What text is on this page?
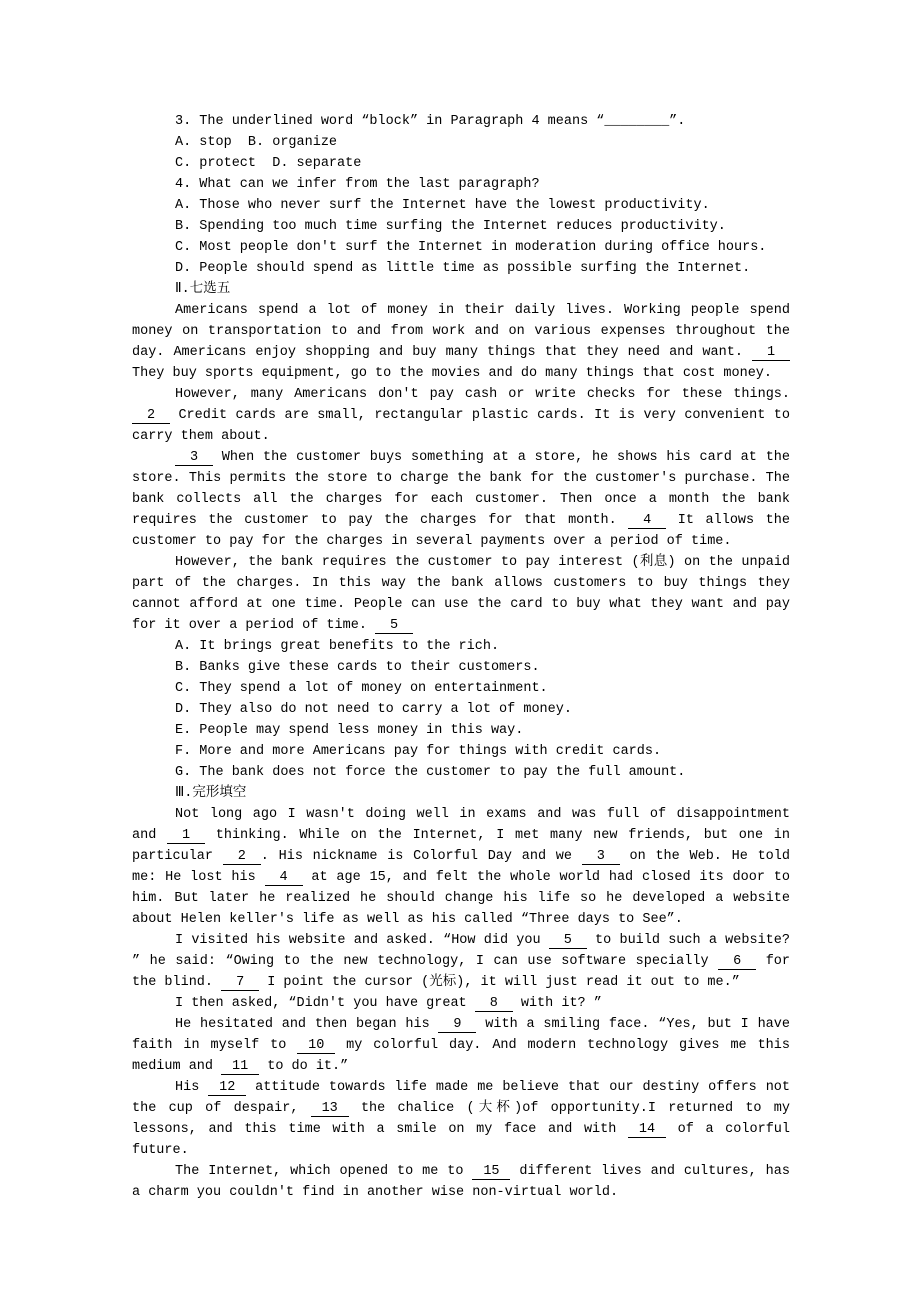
3. The underlined word “block” in Paragraph 4 means “________”.

A. stop  B. organize

C. protect  D. separate

4. What can we infer from the last paragraph?

A. Those who never surf the Internet have the lowest productivity.

B. Spending too much time surfing the Internet reduces productivity.

C. Most people don't surf the Internet in moderation during office hours.

D. People should spend as little time as possible surfing the Internet.

Ⅱ.七选五

Americans spend a lot of money in their daily lives. Working people spend money on transportation to and from work and on various expenses throughout the day. Americans enjoy shopping and buy many things that they need and want. 1 They buy sports equipment, go to the movies and do many things that cost money.

However, many Americans don't pay cash or write checks for these things. 2 Credit cards are small, rectangular plastic cards. It is very convenient to carry them about.

3 When the customer buys something at a store, he shows his card at the store. This permits the store to charge the bank for the customer's purchase. The bank collects all the charges for each customer. Then once a month the bank requires the customer to pay the charges for that month. 4 It allows the customer to pay for the charges in several payments over a period of time.

However, the bank requires the customer to pay interest (利息) on the unpaid part of the charges. In this way the bank allows customers to buy things they cannot afford at one time. People can use the card to buy what they want and pay for it over a period of time. 5

A. It brings great benefits to the rich.

B. Banks give these cards to their customers.

C. They spend a lot of money on entertainment.

D. They also do not need to carry a lot of money.

E. People may spend less money in this way.

F. More and more Americans pay for things with credit cards.

G. The bank does not force the customer to pay the full amount.

Ⅲ.完形填空

Not long ago I wasn't doing well in exams and was full of disappointment and 1 thinking. While on the Internet, I met many new friends, but one in particular 2 . His nickname is Colorful Day and we 3 on the Web. He told me: He lost his 4 at age 15, and felt the whole world had closed its door to him. But later he realized he should change his life so he developed a website about Helen keller's life as well as his called “Three days to See”.

I visited his website and asked. “How did you 5 to build such a website? ” he said: “Owing to the new technology, I can use software specially 6 for the blind. 7 I point the cursor (光标), it will just read it out to me.”

I then asked, “Didn't you have great 8 with it? ”

He hesitated and then began his 9 with a smiling face. “Yes, but I have faith in myself to 10 my colorful day. And modern technology gives me this medium and 11 to do it.”

His 12 attitude towards life made me believe that our destiny offers not the cup of despair, 13 the chalice (大杯)of opportunity.I returned to my lessons, and this time with a smile on my face and with 14 of a colorful future.

The Internet, which opened to me to 15 different lives and cultures, has a charm you couldn't find in another wise non-virtual world.
